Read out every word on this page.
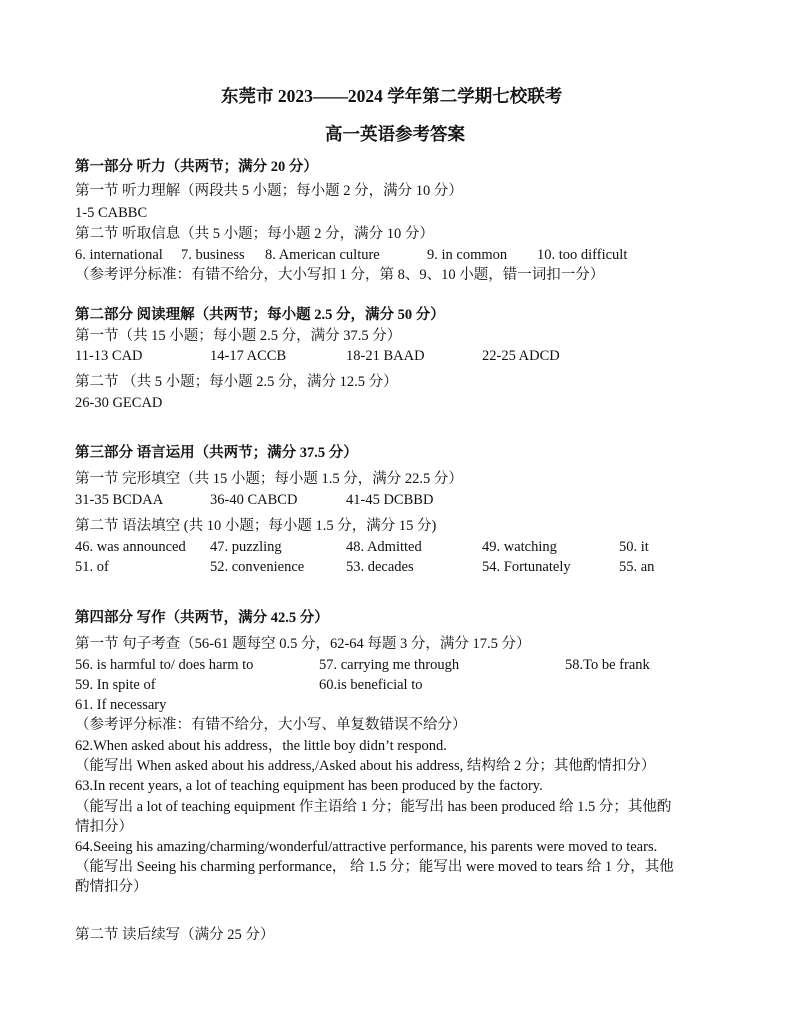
东莞市 2023——2024 学年第二学期七校联考
高一英语参考答案
第一部分 听力（共两节；满分 20 分）
第一节 听力理解（两段共 5 小题；每小题 2 分，满分 10 分）
1-5 CABBC
第二节 听取信息（共 5 小题；每小题 2 分，满分 10 分）
6. international 7. business 8. American culture	9. in common 10. too difficult
（参考评分标准：有错不给分，大小写扣 1 分，第 8、9、10 小题，错一词扣一分）
第二部分 阅读理解（共两节；每小题 2.5 分，满分 50 分）
第一节（共 15 小题；每小题 2.5 分，满分 37.5 分）
11-13 CAD	14-17 ACCB	18-21 BAAD	22-25 ADCD
第二节 （共 5 小题；每小题 2.5 分，满分 12.5 分）
26-30 GECAD
第三部分 语言运用（共两节；满分 37.5 分）
第一节 完形填空（共 15 小题；每小题 1.5 分，满分 22.5 分）
31-35 BCDAA	36-40 CABCD	41-45 DCBBD
第二节 语法填空 (共 10 小题；每小题 1.5 分，满分 15 分)
46. was announced 47. puzzling	48. Admitted	49. watching	50. it
51. of	52. convenience	53. decades	54. Fortunately	55. an
第四部分 写作（共两节，满分 42.5 分）
第一节 句子考查（56-61 题每空 0.5 分，62-64 每题 3 分，满分 17.5 分）
56. is harmful to/ does harm to	57. carrying me through	58.To be frank
59. In spite of	60.is beneficial to
61. If necessary
（参考评分标准：有错不给分，大小写、单复数错误不给分）
62.When asked about his address，the little boy didn’t respond.
（能写出 When asked about his address,/Asked about his address, 结构给 2 分；其他酌情扣分）
63.In recent years, a lot of teaching equipment has been produced by the factory.
（能写出 a lot of teaching equipment 作主语给 1 分；能写出 has been produced 给 1.5 分；其他酌
情扣分）
64.Seeing his amazing/charming/wonderful/attractive performance, his parents were moved to tears.
（能写出 Seeing his charming performance， 给 1.5 分；能写出 were moved to tears 给 1 分，其他
酌情扣分）
第二节 读后续写（满分 25 分）
